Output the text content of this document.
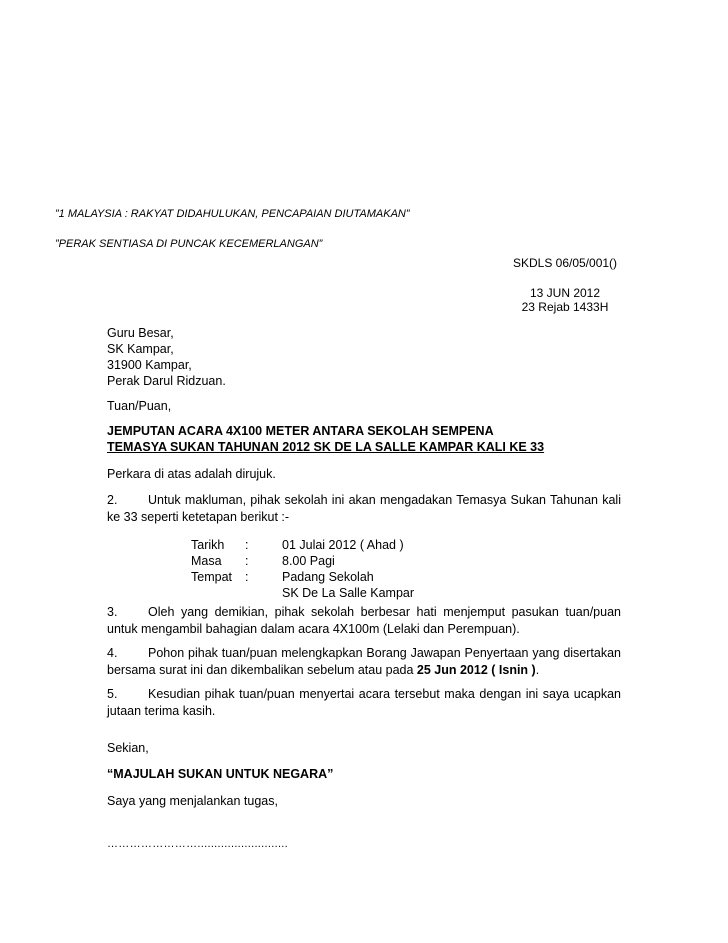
”1 MALAYSIA : RAKYAT DIDAHULUKAN, PENCAPAIAN DIUTAMAKAN”
”PERAK SENTIASA DI PUNCAK KECEMERLANGAN”
SKDLS 06/05/001()
13 JUN 2012
23 Rejab 1433H
Guru Besar,
SK Kampar,
31900 Kampar,
Perak Darul Ridzuan.
Tuan/Puan,
JEMPUTAN ACARA 4X100 METER ANTARA SEKOLAH SEMPENA
TEMASYA SUKAN TAHUNAN 2012 SK DE LA SALLE KAMPAR KALI KE 33
Perkara di atas adalah dirujuk.
2. Untuk makluman, pihak sekolah ini akan mengadakan Temasya Sukan Tahunan kali ke 33 seperti ketetapan berikut :-
Tarikh	:	01 Julai 2012 ( Ahad )
Masa	:	8.00 Pagi
Tempat	:	Padang Sekolah
SK De La Salle Kampar
3. Oleh yang demikian, pihak sekolah berbesar hati menjemput pasukan tuan/puan untuk mengambil bahagian dalam acara 4X100m (Lelaki dan Perempuan).
4. Pohon pihak tuan/puan melengkapkan Borang Jawapan Penyertaan yang disertakan bersama surat ini dan dikembalikan sebelum atau pada 25 Jun 2012 ( Isnin ).
5. Kesudian pihak tuan/puan menyertai acara tersebut maka dengan ini saya ucapkan jutaan terima kasih.
Sekian,
“MAJULAH SUKAN UNTUK NEGARA”
Saya yang menjalankan tugas,
……………………...........................
